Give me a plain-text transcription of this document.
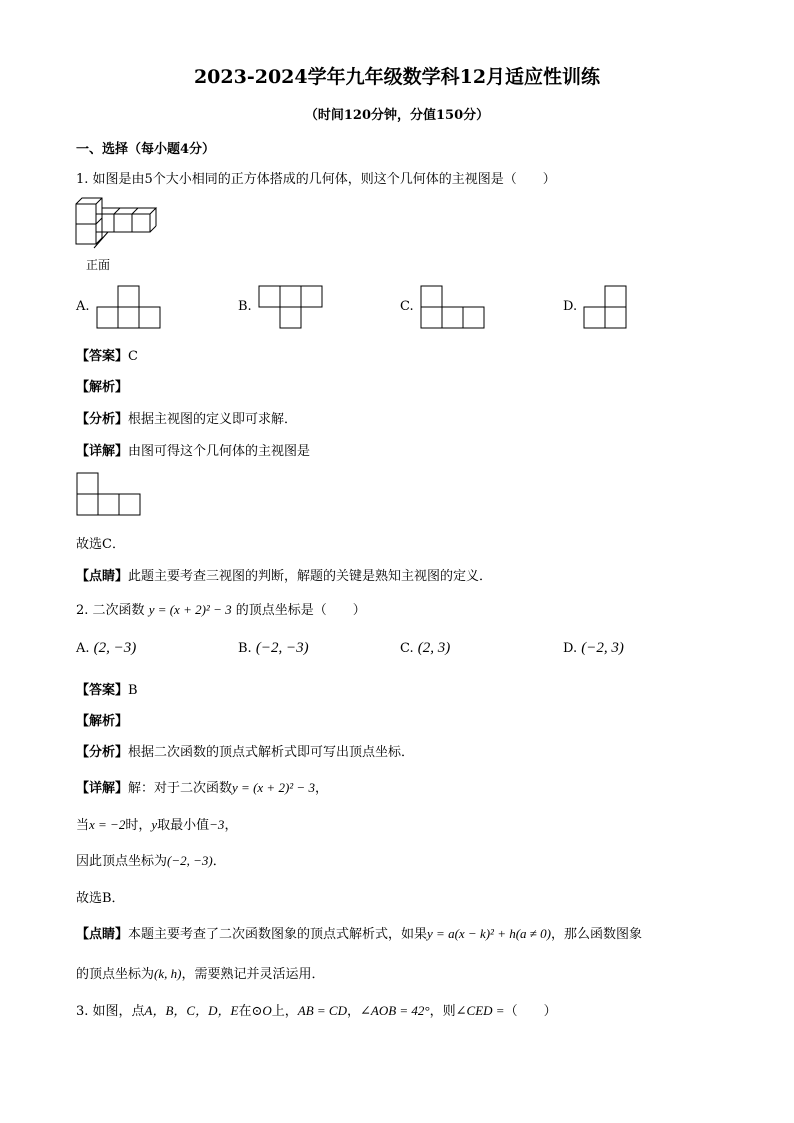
2023-2024学年九年级数学科12月适应性训练
（时间120分钟，分值150分）
一、选择（每小题4分）
1. 如图是由5个大小相同的正方体搭成的几何体，则这个几何体的主视图是（　　）
正面
A.	B.	C.	D.
【答案】C
【解析】
【分析】根据主视图的定义即可求解．
【详解】由图可得这个几何体的主视图是
故选C．
【点睛】此题主要考查三视图的判断，解题的关键是熟知主视图的定义．
2. 二次函数 y = (x + 2)² − 3 的顶点坐标是（　　）
A. (2, −3)	B. (−2, −3)	C. (2, 3)	D. (−2, 3)
【答案】B
【解析】
【分析】根据二次函数的顶点式解析式即可写出顶点坐标．
【详解】解：对于二次函数y = (x + 2)² − 3，
当x = −2时，y取最小值−3，
因此顶点坐标为(−2, −3)．
故选B．
【点睛】本题主要考查了二次函数图象的顶点式解析式，如果y = a(x − k)² + h(a ≠ 0)，那么函数图象
的顶点坐标为(k, h)，需要熟记并灵活运用．
3. 如图，点A，B，C，D，E在⊙O上，AB = CD，∠AOB = 42°，则∠CED =（　　）
